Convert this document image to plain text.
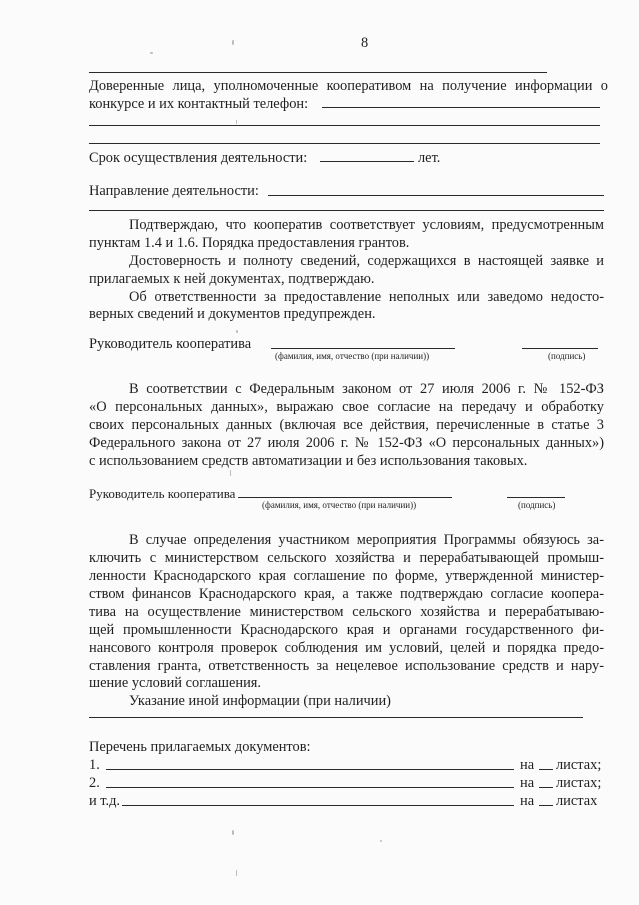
8
Доверенные лица, уполномоченные кооперативом на получение информации о
конкурсе и их контактный телефон:
Срок осуществления деятельности:	лет.
Направление деятельности:
Подтверждаю, что кооператив соответствует условиям, предусмотренным
пунктам 1.4 и 1.6. Порядка предоставления грантов.
Достоверность и полноту сведений, содержащихся в настоящей заявке и
прилагаемых к ней документах, подтверждаю.
Об ответственности за предоставление неполных или заведомо недосто-
верных сведений и документов предупрежден.
Руководитель кооператива
(фамилия, имя, отчество (при наличии))	(подпись)
В соответствии с Федеральным законом от 27 июля 2006 г. № 152-ФЗ
«О персональных данных», выражаю свое согласие на передачу и обработку
своих персональных данных (включая все действия, перечисленные в статье 3
Федерального закона от 27 июля 2006 г. № 152-ФЗ «О персональных данных»)
с использованием средств автоматизации и без использования таковых.
Руководитель кооператива
(фамилия, имя, отчество (при наличии))	(подпись)
В случае определения участником мероприятия Программы обязуюсь за-
ключить с министерством сельского хозяйства и перерабатывающей промыш-
ленности Краснодарского края соглашение по форме, утвержденной министер-
ством финансов Краснодарского края, а также подтверждаю согласие коопера-
тива на осуществление министерством сельского хозяйства и перерабатываю-
щей промышленности Краснодарского края и органами государственного фи-
нансового контроля проверок соблюдения им условий, целей и порядка предо-
ставления гранта, ответственность за нецелевое использование средств и нару-
шение условий соглашения.
Указание иной информации (при наличии)
Перечень прилагаемых документов:
1.	на листах;
2.	на листах;
и т.д.	на листах
